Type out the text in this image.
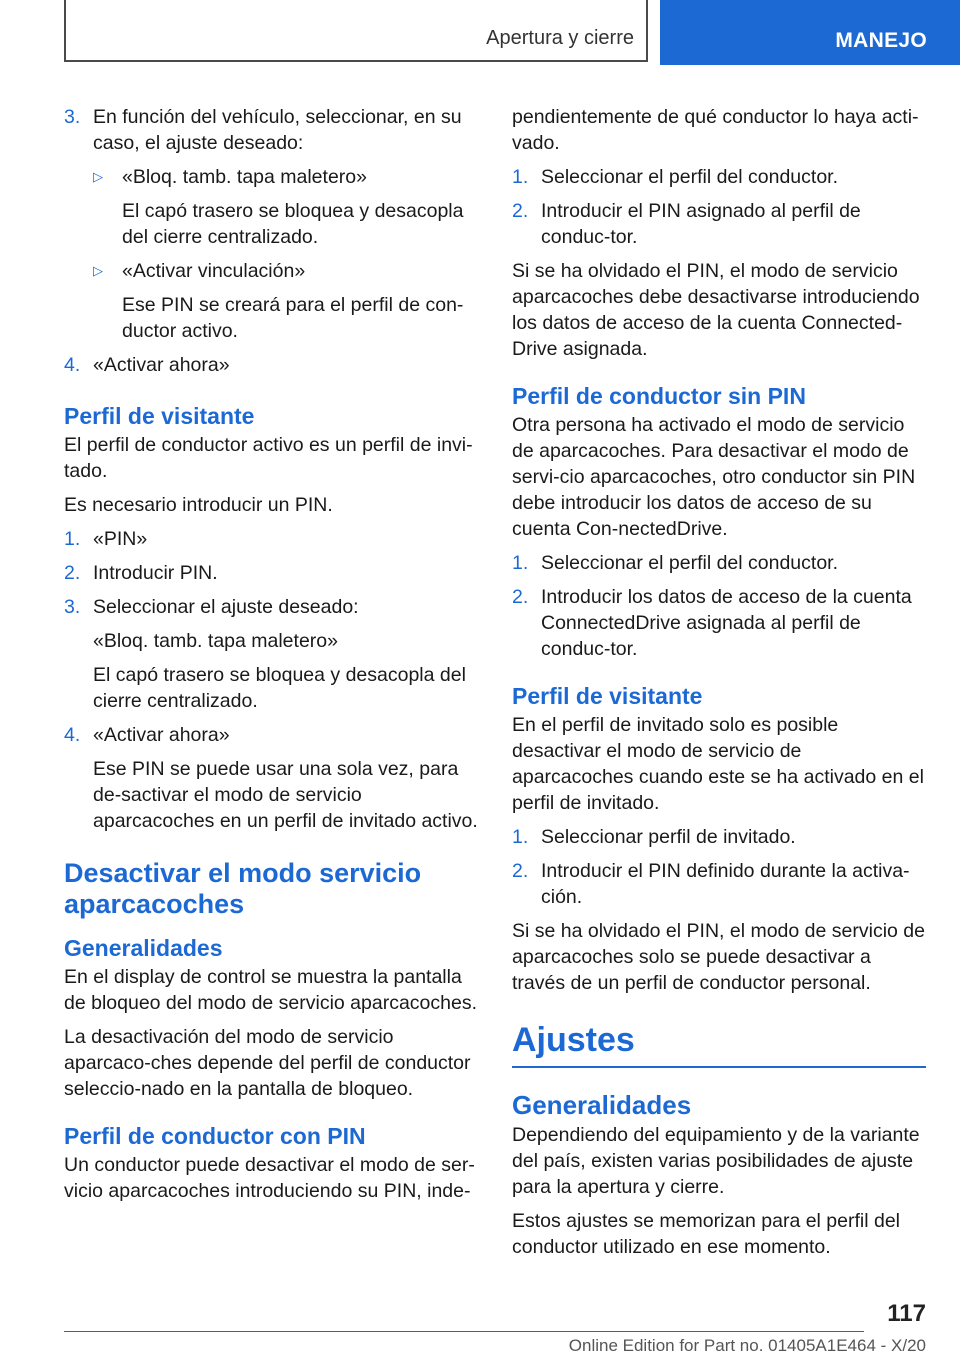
Apertura y cierre	MANEJO
3. En función del vehículo, seleccionar, en su caso, el ajuste deseado:
▷ «Bloq. tamb. tapa maletero»
El capó trasero se bloquea y desacopla del cierre centralizado.
▷ «Activar vinculación»
Ese PIN se creará para el perfil de con‐ductor activo.
4. «Activar ahora»
Perfil de visitante

El perfil de conductor activo es un perfil de invi‐tado.

Es necesario introducir un PIN.

1. «PIN»
2. Introducir PIN.
3. Seleccionar el ajuste deseado:

«Bloq. tamb. tapa maletero»

El capó trasero se bloquea y desacopla del cierre centralizado.

4. «Activar ahora»

Ese PIN se puede usar una sola vez, para de‐sactivar el modo de servicio aparcacoches en un perfil de invitado activo.

Desactivar el modo servicio aparcacoches
Generalidades

En el display de control se muestra la pantalla de bloqueo del modo de servicio aparcacoches.

La desactivación del modo de servicio aparcaco‐ches depende del perfil de conductor seleccio‐nado en la pantalla de bloqueo.

Perfil de conductor con PIN

Un conductor puede desactivar el modo de ser‐vicio aparcacoches introduciendo su PIN, inde‐

pendientemente de qué conductor lo haya acti‐vado.

1. Seleccionar el perfil del conductor.
2. Introducir el PIN asignado al perfil de conduc‐tor.

Si se ha olvidado el PIN, el modo de servicio aparcacoches debe desactivarse introduciendo los datos de acceso de la cuenta Connected‐Drive asignada.

Perfil de conductor sin PIN

Otra persona ha activado el modo de servicio de aparcacoches. Para desactivar el modo de servi‐cio aparcacoches, otro conductor sin PIN debe introducir los datos de acceso de su cuenta Con‐nectedDrive.

1. Seleccionar el perfil del conductor.
2. Introducir los datos de acceso de la cuenta ConnectedDrive asignada al perfil de conduc‐tor.
Perfil de visitante

En el perfil de invitado solo es posible desactivar el modo de servicio de aparcacoches cuando este se ha activado en el perfil de invitado.

1. Seleccionar perfil de invitado.
2. Introducir el PIN definido durante la activa‐ción.

Si se ha olvidado el PIN, el modo de servicio de aparcacoches solo se puede desactivar a través de un perfil de conductor personal.

Ajustes
Generalidades

Dependiendo del equipamiento y de la variante del país, existen varias posibilidades de ajuste para la apertura y cierre.

Estos ajustes se memorizan para el perfil del conductor utilizado en ese momento.

117
Online Edition for Part no. 01405A1E464 - X/20
